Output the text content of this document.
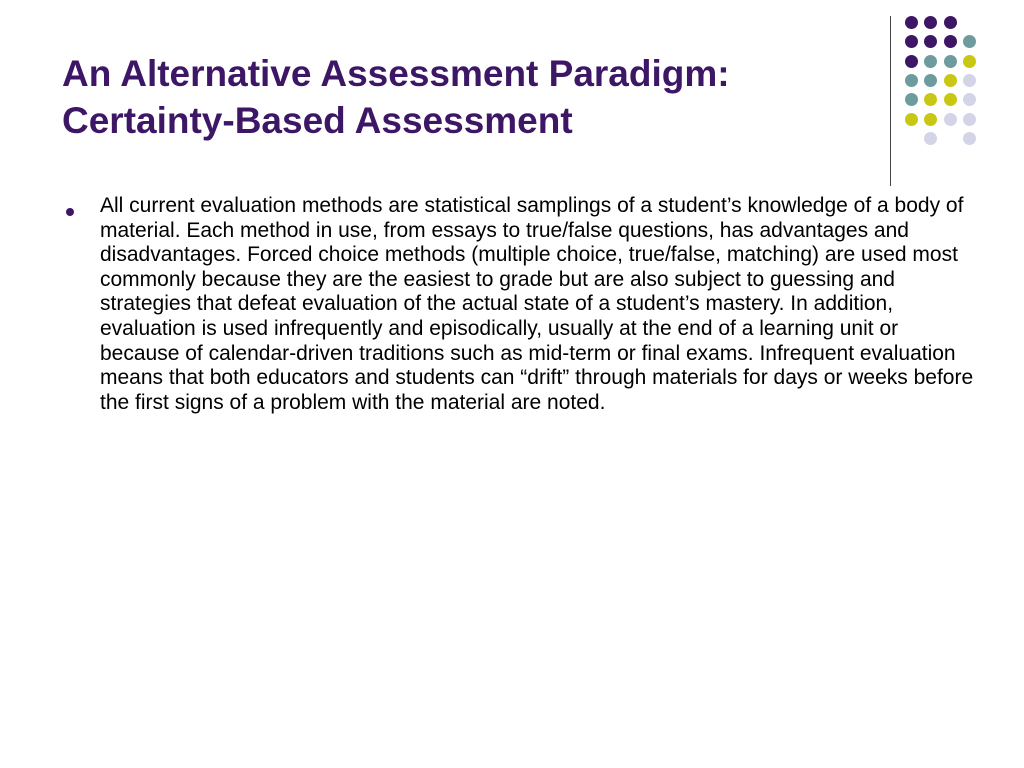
An Alternative Assessment Paradigm:
Certainty-Based Assessment
All current evaluation methods are statistical samplings of a student’s knowledge of a body of material. Each method in use, from essays to true/false questions, has advantages and disadvantages. Forced choice methods (multiple choice, true/false, matching) are used most commonly because they are the easiest to grade but are also subject to guessing and strategies that defeat evaluation of the actual state of a student’s mastery. In addition, evaluation is used infrequently and episodically, usually at the end of a learning unit or because of calendar-driven traditions such as mid-term or final exams. Infrequent evaluation means that both educators and students can “drift” through materials for days or weeks before the first signs of a problem with the material are noted.
